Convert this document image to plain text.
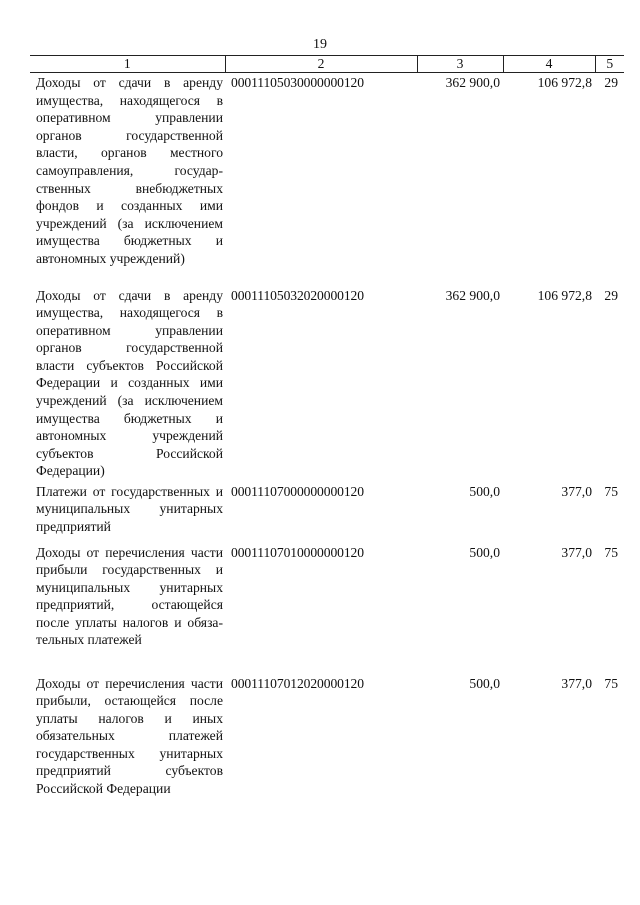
19
1	2	3	4	5
Доходы от сдачи в аренду имущества, находящегося в оперативном управлении органов государственной власти, органов местного самоуправления, государственных внебюджетных фондов и созданных ими учреждений (за исключением имущества бюджетных и автономных учреждений)	00011105030000000120	362 900,0	106 972,8	29
Доходы от сдачи в аренду имущества, находящегося в оперативном управлении органов государственной власти субъектов Российской Федерации и созданных ими учреждений (за исключением имущества бюджетных и автономных учреждений субъектов Российской Федерации)	00011105032020000120	362 900,0	106 972,8	29
Платежи от государственных и муниципальных унитарных предприятий	00011107000000000120	500,0	377,0	75
Доходы от перечисления части прибыли государственных и муниципальных унитарных предприятий, остающейся после уплаты налогов и обязательных платежей	00011107010000000120	500,0	377,0	75
Доходы от перечисления части прибыли, остающейся после уплаты налогов и иных обязательных платежей государственных унитарных предприятий субъектов Российской Федерации	00011107012020000120	500,0	377,0	75
